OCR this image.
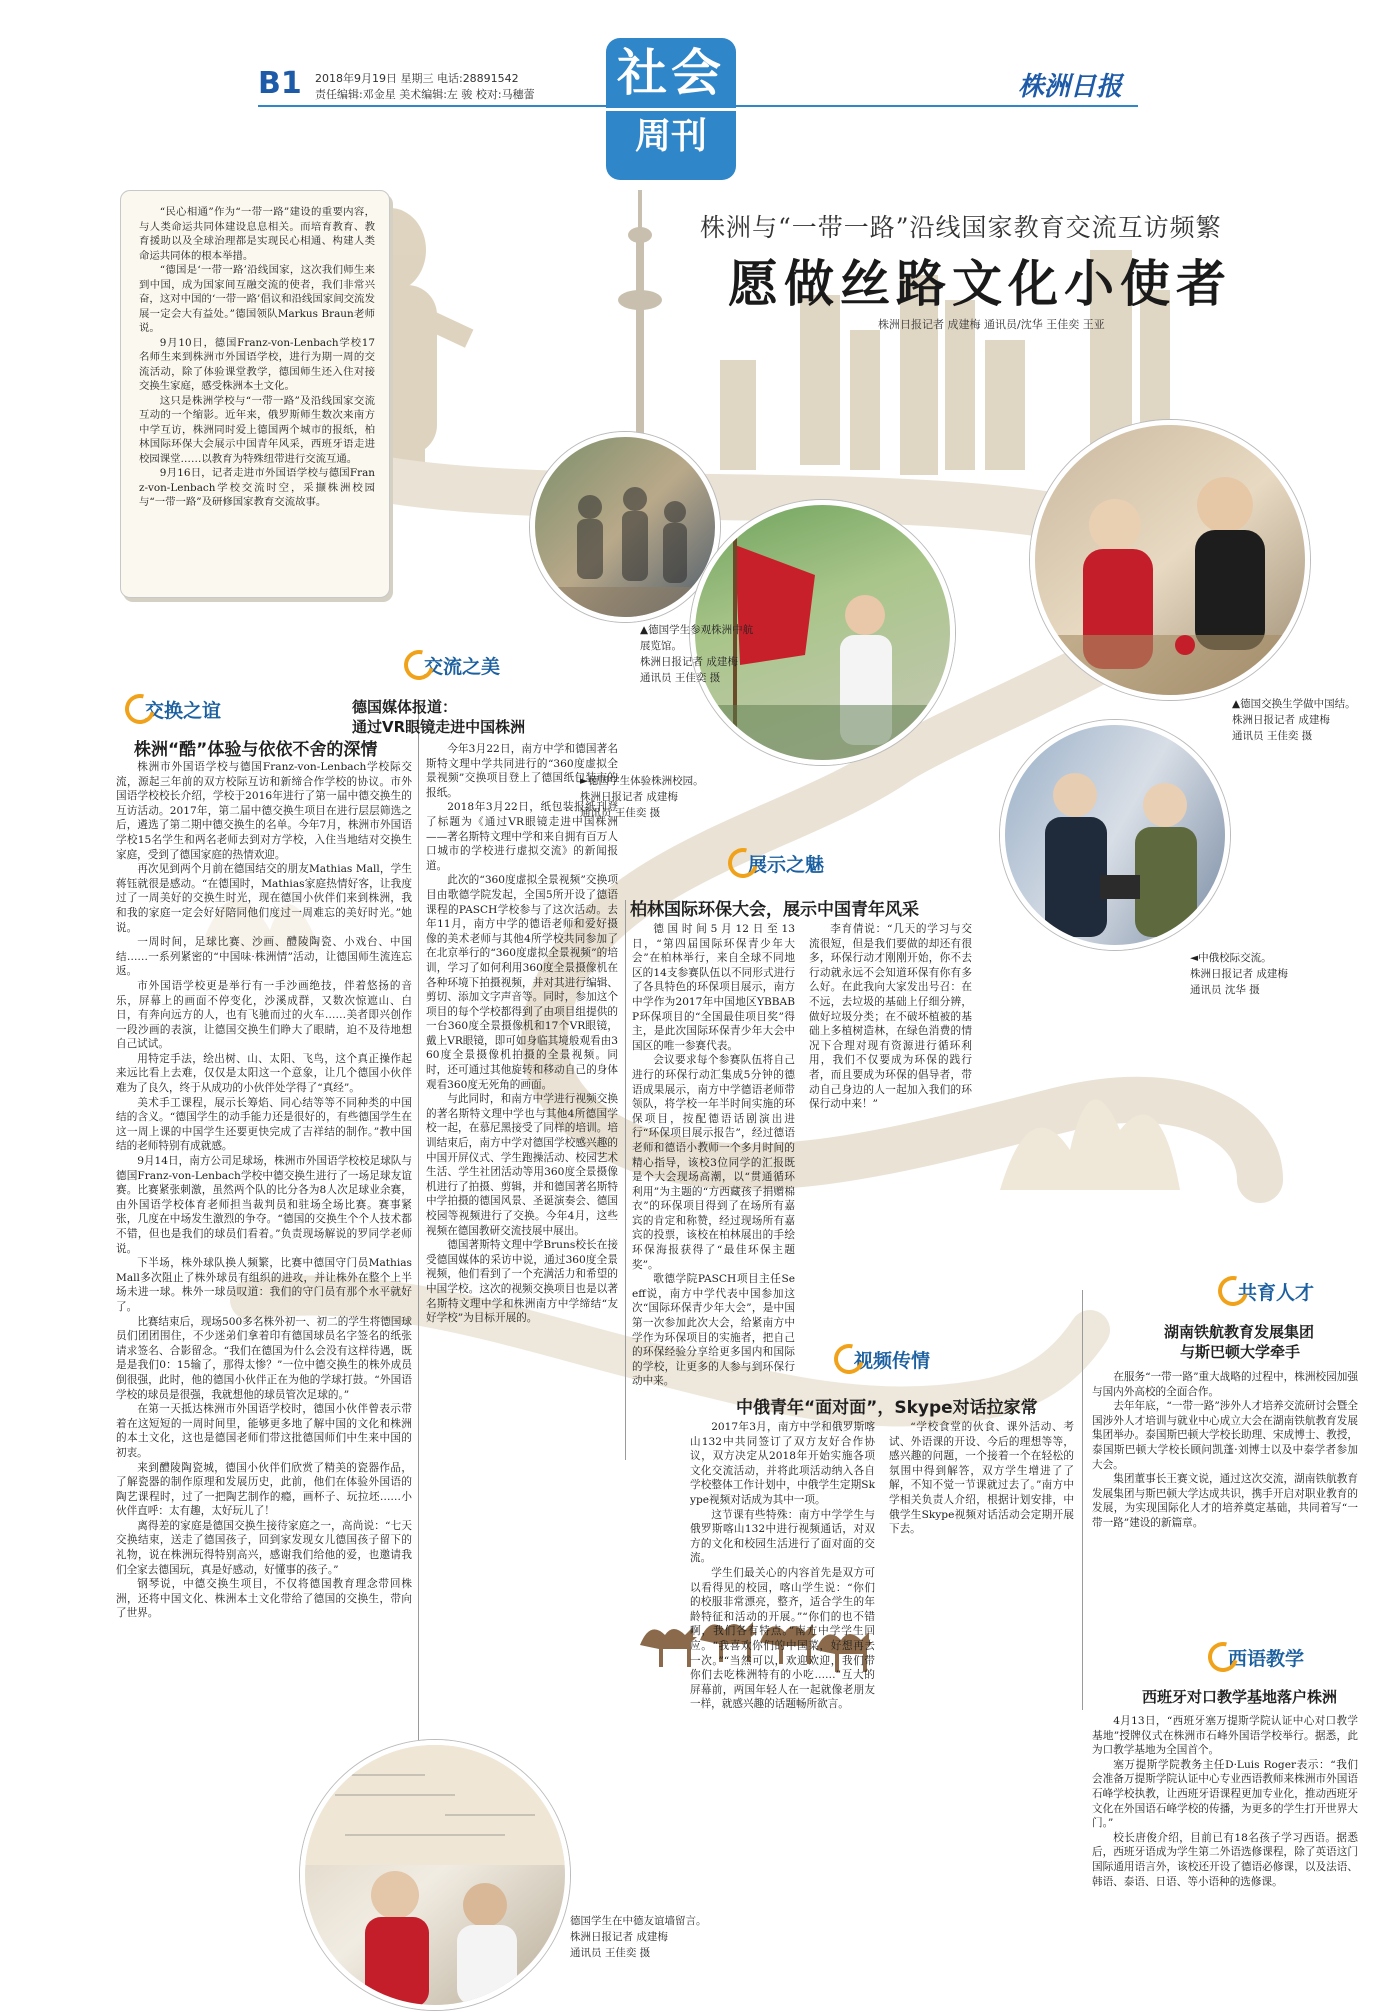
B1 2018年9月19日 星期三 电话:28891542
责任编辑:邓金星 美术编辑:左 骏 校对:马穗蕾 社会
周刊
株洲日报
株洲与“一带一路”沿线国家教育交流互访频繁
愿做丝路文化小使者
株洲日报记者 成建梅 通讯员/沈华 王佳奕 王亚

“民心相通”作为“一带一路”建设的重要内容，与人类命运共同体建设息息相关。而培育教育、教育援助以及全球治理都是实现民心相通、构建人类命运共同体的根本举措。

“德国是‘一带一路’沿线国家，这次我们师生来到中国，成为国家间互融交流的使者，我们非常兴奋，这对中国的‘一带一路’倡议和沿线国家间交流发展一定会大有益处。”德国领队Markus Braun老师说。

9月10日，德国Franz-von-Lenbach学校17名师生来到株洲市外国语学校，进行为期一周的交流活动，除了体验课堂教学，德国师生还入住对接交换生家庭，感受株洲本土文化。

这只是株洲学校与“一带一路”及沿线国家交流互动的一个缩影。近年来，俄罗斯师生数次来南方中学互访，株洲同时爱上德国两个城市的报纸，柏林国际环保大会展示中国青年风采，西班牙语走进校园课堂……以教育为特殊纽带进行交流互通。

9月16日，记者走进市外国语学校与德国Franz-von-Lenbach学校交流时空，采撷株洲校园与“一带一路”及研修国家教育交流故事。

▲德国学生参观株洲中航展览馆。
株洲日报记者 成建梅
通讯员 王佳奕 摄
►德国学生体验株洲校园。
株洲日报记者 成建梅
通讯员 王佳奕 摄
▲德国交换生学做中国结。
株洲日报记者 成建梅
通讯员 王佳奕 摄
◄中俄校际交流。
株洲日报记者 成建梅
通讯员 沈华 摄
德国学生在中德友谊墙留言。
株洲日报记者 成建梅
通讯员 王佳奕 摄
交换之谊
株洲“酷”体验与依依不舍的深情

株洲市外国语学校与德国Franz-von-Lenbach学校际交流，源起三年前的双方校际互访和新缔合作学校的协议。市外国语学校校长介绍，学校于2016年进行了第一届中德交换生的互访活动。2017年，第二届中德交换生项目在进行层层筛选之后，遴选了第二期中德交换生的名单。今年7月，株洲市外国语学校15名学生和两名老师去到对方学校，入住当地结对交换生家庭，受到了德国家庭的热情欢迎。

再次见到两个月前在德国结交的朋友Mathias Mall，学生蒋钰就很是感动。“在德国时，Mathias家庭热情好客，让我度过了一周美好的交换生时光，现在德国小伙伴们来到株洲，我和我的家庭一定会好好陪同他们度过一周难忘的美好时光。”她说。

一周时间，足球比赛、沙画、醴陵陶瓷、小戏台、中国结……一系列紧密的“中国味·株洲情”活动，让德国师生流连忘返。

市外国语学校更是举行有一手沙画绝技，伴着悠扬的音乐，屏幕上的画面不停变化，沙溪成群，又数次惊遮山、白日，有奔向远方的人，也有飞驰而过的火车……美者即兴创作一段沙画的表演，让德国交换生们睁大了眼睛，迫不及待地想自己试试。

用特定手法，绘出树、山、太阳、飞鸟，这个真正操作起来远比看上去难，仅仅是太阳这一个意象，让几个德国小伙伴难为了良久，终于从成功的小伙伴处学得了“真经”。

美术手工课程，展示长筹焰、同心结等等不同种类的中国结的含义。“德国学生的动手能力还是很好的，有些德国学生在这一周上课的中国学生还要更快完成了吉祥结的制作。”教中国结的老师特别有成就感。

9月14日，南方公司足球场，株洲市外国语学校校足球队与德国Franz-von-Lenbach学校中德交换生进行了一场足球友谊赛。比赛紧张刺激，虽然两个队的比分各为8人次足球业余赛，由外国语学校体育老师担当裁判员和驻场全场比赛。赛事紧张，几度在中场发生激烈的争夺。“德国的交换生个个人技术都不错，但也是我们的球员们看着。”负责现场解说的罗同学老师说。

下半场，株外球队换人频繁，比赛中德国守门员Mathias Mall多次阻止了株外球员有组织的进攻，并让株外在整个上半场未进一球。株外一球员叹道：我们的守门员有那个水平就好了。

比赛结束后，现场500多名株外初一、初二的学生将德国球员们团团围住，不少迷弟们拿着印有德国球员名字签名的纸张请求签名、合影留念。“我们在德国为什么会没有这样待遇，既是是我们0：15输了，那得太惨？”一位中德交换生的株外成员倒很强，此时，他的德国小伙伴正在为他的学球打鼓。“外国语学校的球员是很强，我就想他的球员管次足球的。”

在第一天抵达株洲市外国语学校时，德国小伙伴曾表示带着在这短短的一周时间里，能够更多地了解中国的文化和株洲的本土文化，这也是德国老师们带这批德国师们中生来中国的初衷。

来到醴陵陶瓷城，德国小伙伴们欣赏了精美的瓷器作品，了解瓷器的制作原理和发展历史，此前，他们在体验外国语的陶艺课程时，过了一把陶艺制作的瘾，画杯子、玩拉坯……小伙伴直呼：太有趣，太好玩儿了！

离得差的家庭是德国交换生接待家庭之一，高尚说：“七天交换结束，送走了德国孩子，回到家发现女儿德国孩子留下的礼物，说在株洲玩得特别高兴，感谢我们给他的爱，也邀请我们全家去德国玩，真是好感动，好懂事的孩子。”

钢琴说，中德交换生项目，不仅将德国教育理念带回株洲，还将中国文化、株洲本土文化带给了德国的交换生，带向了世界。

交流之美
德国媒体报道：
通过VR眼镜走进中国株洲

今年3月22日，南方中学和德国著名斯特文理中学共同进行的“360度虚拟全景视频”交换项目登上了德国纸包装市的报纸。

2018年3月22日，纸包装报纸刊登了标题为《通过VR眼镜走进中国株洲——著名斯特文理中学和来自拥有百万人口城市的学校进行虚拟交流》的新闻报道。

此次的“360度虚拟全景视频”交换项目由歌德学院发起，全国5所开设了德语课程的PASCH学校参与了这次活动。去年11月，南方中学的德语老师和爱好摄像的美术老师与其他4所学校共同参加了在北京举行的“360度虚拟全景视频”的培训，学习了如何利用360度全景摄像机在各种环境下拍摄视频，并对其进行编辑、剪切、添加文字声音等。同时，参加这个项目的每个学校都得到了由项目组提供的一台360度全景摄像机和17个VR眼镜，戴上VR眼镜，即可如身临其境般观看由360度全景摄像机拍摄的全景视频。同时，还可通过其他旋转和移动自己的身体观看360度无死角的画面。

与此同时，和南方中学进行视频交换的著名斯特文理中学也与其他4所德国学校一起，在慕尼黑接受了同样的培训。培训结束后，南方中学对德国学校感兴趣的中国开屏仪式、学生跑操活动、校园艺术生活、学生社团活动等用360度全景摄像机进行了拍摄、剪辑，并和德国著名斯特中学拍摄的德国风景、圣诞演奏会、德国校园等视频进行了交换。今年4月，这些视频在德国教研交流技展中展出。

德国著斯特文理中学Bruns校长在接受德国媒体的采访中说，通过360度全景视频，他们看到了一个充满活力和希望的中国学校。这次的视频交换项目也是以著名斯特文理中学和株洲南方中学缔结“友好学校”为目标开展的。

展示之魅
柏林国际环保大会，展示中国青年风采

德国时间5月12日至13日，“第四届国际环保青少年大会”在柏林举行，来自全球不同地区的14支参赛队伍以不同形式进行了各具特色的环保项目展示，南方中学作为2017年中国地区YBBABP环保项目的“全国最佳项目奖”得主，是此次国际环保青少年大会中国区的唯一参赛代表。

会议要求每个参赛队伍将自己进行的环保行动汇集成5分钟的德语成果展示，南方中学德语老师带领队，将学校一年半时间实施的环保项目，按配德语话剧演出进行“环保项目展示报告”，经过德语老师和德语小教师一个多月时间的精心指导，该校3位同学的汇报既是个大会现场高潮，以“贯通循环利用”为主题的“方西藏孩子捐赠棉衣”的环保项目得到了在场所有嘉宾的肯定和称赞，经过现场所有嘉宾的投票，该校在柏林展出的手绘环保海报获得了“最佳环保主题奖”。

歌德学院PASCH项目主任Seeff说，南方中学代表中国参加这次“国际环保青少年大会”，是中国第一次参加此次大会，给紧南方中学作为环保项目的实施者，把自己的环保经验分享给更多国内和国际的学校，让更多的人参与到环保行动中来。

李育倩说：“几天的学习与交流很短，但是我们要做的却还有很多，环保行动才刚刚开始，你不去行动就永远不会知道环保有你有多么好。在此我向大家发出号召：在不远，去垃圾的基础上仔细分辨，做好垃圾分类；在不破坏植被的基础上多植树造林，在绿色消费的情况下合理对现有资源进行循环利用，我们不仅要成为环保的践行者，而且要成为环保的倡导者，带动自己身边的人一起加入我们的环保行动中来！”

视频传情
中俄青年“面对面”，Skype对话拉家常

2017年3月，南方中学和俄罗斯喀山132中共同签订了双方友好合作协议，双方决定从2018年开始实施各项文化交流活动，并将此项活动纳入各自学校整体工作计划中，中俄学生定期Skype视频对话成为其中一项。

这节课有些特殊：南方中学学生与俄罗斯喀山132中进行视频通话，对双方的文化和校园生活进行了面对面的交流。

学生们最关心的内容首先是双方可以看得见的校园，喀山学生说：“你们的校服非常漂亮，整齐，适合学生的年龄特征和活动的开展。”“你们的也不错啊，我们各有特点。”南方中学学生回应。“我喜欢你们的中国菜，好想再去一次。”“当然可以，欢迎欢迎，我们带你们去吃株洲特有的小吃……”互大的屏幕前，两国年轻人在一起就像老朋友一样，就感兴趣的话题畅所欲言。

“学校食堂的伙食、课外活动、考试、外语课的开设、今后的理想等等，感兴趣的问题，一个接着一个在轻松的氛围中得到解答，双方学生增进了了解，不知不觉一节课就过去了。”南方中学相关负责人介绍，根据计划安排，中俄学生Skype视频对话活动会定期开展下去。

共育人才
湖南铁航教育发展集团
与斯巴顿大学牵手

在服务“一带一路”重大战略的过程中，株洲校园加强与国内外高校的全面合作。

去年年底，“一带一路”涉外人才培养交流研讨会暨全国涉外人才培训与就业中心成立大会在湖南铁航教育发展集团举办。泰国斯巴顿大学校长助理、宋成博士、教授，泰国斯巴顿大学校长顾问凯蓬·刘博士以及中泰学者参加大会。

集团董事长王赛文说，通过这次交流，湖南铁航教育发展集团与斯巴顿大学达成共识，携手开启对职业教育的发展，为实现国际化人才的培养奠定基础，共同着写“一带一路”建设的新篇章。

西语教学
西班牙对口教学基地落户株洲

4月13日，“西班牙塞万提斯学院认证中心对口教学基地”授牌仪式在株洲市石峰外国语学校举行。据悉，此为口教学基地为全国首个。

塞万提斯学院教务主任D·Luis Roger表示：“我们会准备万提斯学院认证中心专业西语教师来株洲市外国语石峰学校执教，让西班牙语课程更加专业化，推动西班牙文化在外国语石峰学校的传播，为更多的学生打开世界大门。”

校长唐俊介绍，目前已有18名孩子学习西语。据悉后，西班牙语成为学生第二外语选修课程，除了英语这门国际通用语言外，该校还开设了德语必修课，以及法语、韩语、泰语、日语、等小语种的选修课。
